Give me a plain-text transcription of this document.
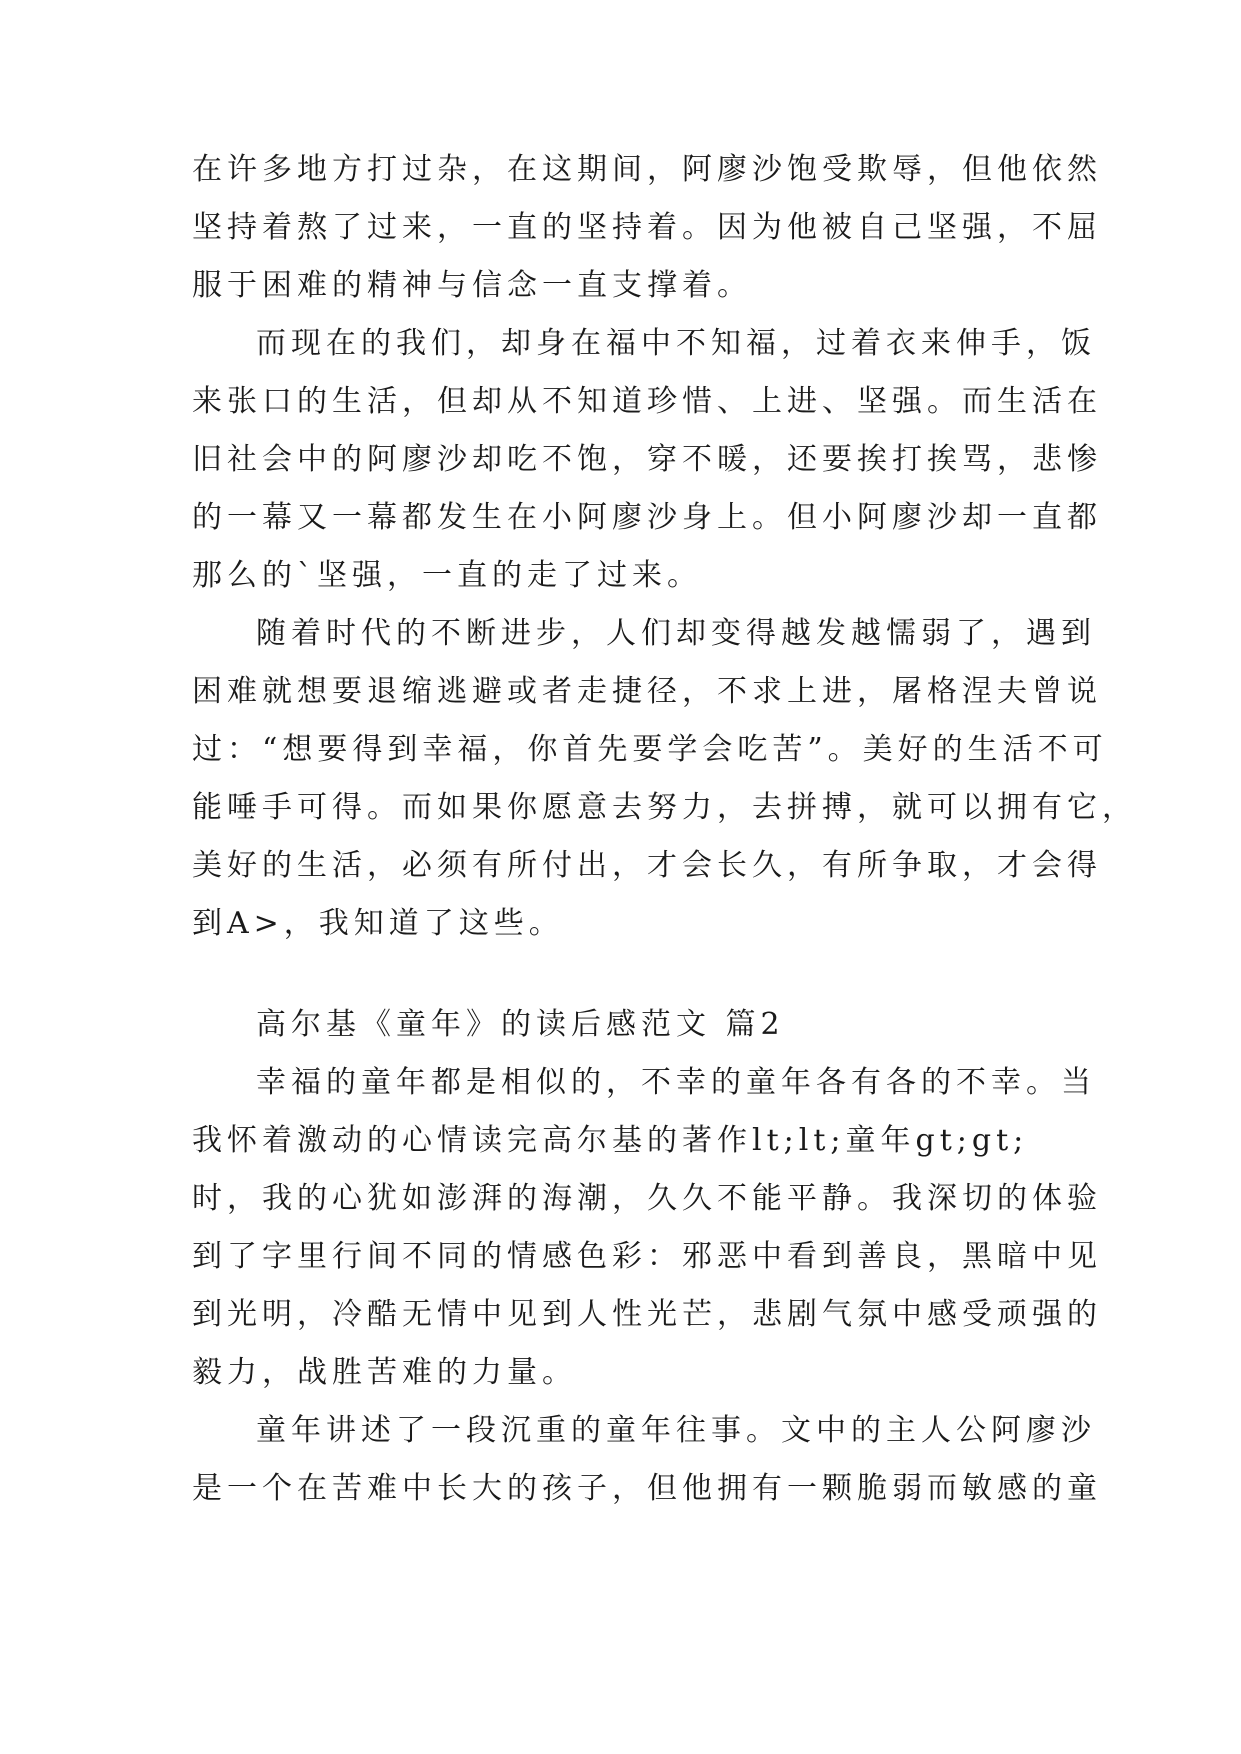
在许多地方打过杂，在这期间，阿廖沙饱受欺辱，但他依然

坚持着熬了过来，一直的坚持着。因为他被自己坚强，不屈

服于困难的精神与信念一直支撑着。

而现在的我们，却身在福中不知福，过着衣来伸手，饭

来张口的生活，但却从不知道珍惜、上进、坚强。而生活在

旧社会中的阿廖沙却吃不饱，穿不暖，还要挨打挨骂，悲惨

的一幕又一幕都发生在小阿廖沙身上。但小阿廖沙却一直都

那么的`坚强，一直的走了过来。

随着时代的不断进步，人们却变得越发越懦弱了，遇到

困难就想要退缩逃避或者走捷径，不求上进，屠格涅夫曾说

过：“想要得到幸福，你首先要学会吃苦”。美好的生活不可

能唾手可得。而如果你愿意去努力，去拼搏，就可以拥有它，

美好的生活，必须有所付出，才会长久，有所争取，才会得

到A>，我知道了这些。

高尔基《童年》的读后感范文 篇2

幸福的童年都是相似的，不幸的童年各有各的不幸。当

我怀着激动的心情读完高尔基的著作lt;lt;童年gt;gt;

时，我的心犹如澎湃的海潮，久久不能平静。我深切的体验

到了字里行间不同的情感色彩：邪恶中看到善良，黑暗中见

到光明，冷酷无情中见到人性光芒，悲剧气氛中感受顽强的

毅力，战胜苦难的力量。

童年讲述了一段沉重的童年往事。文中的主人公阿廖沙

是一个在苦难中长大的孩子，但他拥有一颗脆弱而敏感的童
